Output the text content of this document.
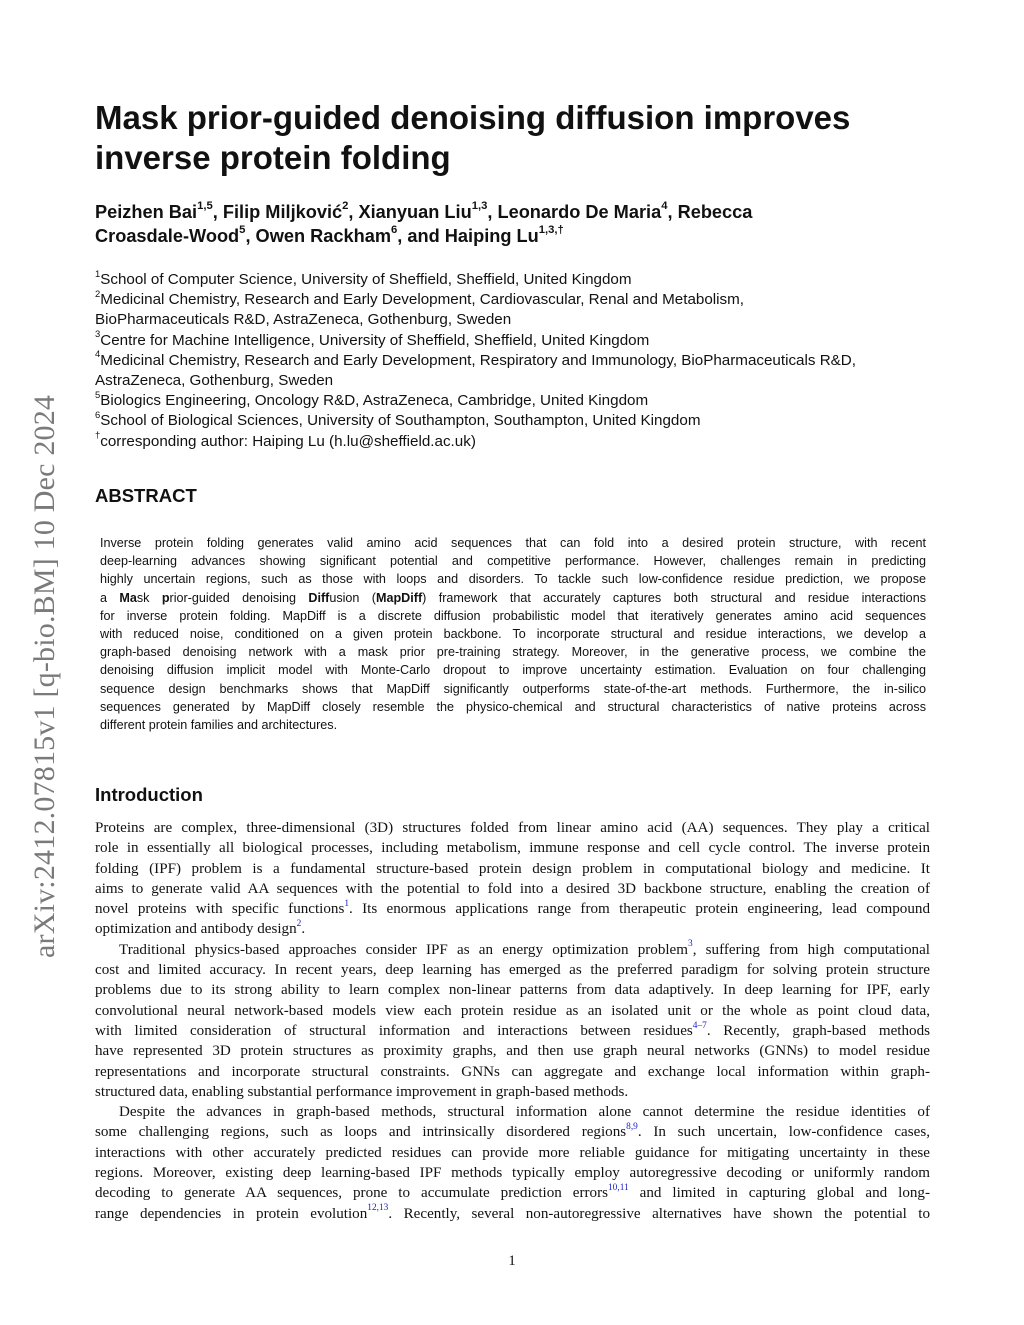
arXiv:2412.07815v1 [q-bio.BM] 10 Dec 2024
Mask prior-guided denoising diffusion improves
inverse protein folding
Peizhen Bai$^{1,5}$, Filip Miljković$^2$, Xianyuan Liu$^{1,3}$, Leonardo De Maria$^4$, Rebecca
Croasdale-Wood$^5$, Owen Rackham$^6$, and Haiping $Lu^{1,3,\dagger}$
$^1$School of Computer Science, University of Sheffield, Sheffield, United Kingdom
$^2$Medicinal Chemistry, Research and Early Development, Cardiovascular, Renal and Metabolism,
BioPharmaceuticals R&D, AstraZeneca, Gothenburg, Sweden
$^3$Centre for Machine Intelligence, University of Sheffield, Sheffield, United Kingdom
$^4$Medicinal Chemistry, Research and Early Development, Respiratory and Immunology, BioPharmaceuticals R&D,
AstraZeneca, Gothenburg, Sweden
$^5$Biologics Engineering, Oncology R&D, AstraZeneca, Cambridge, United Kingdom
$^6$School of Biological Sciences, University of Southampton, Southampton, United Kingdom
†corresponding author: Haiping Lu (h.lu@sheffield.ac.uk)
ABSTRACT
Inverse protein folding generates valid amino acid sequences that can fold into a desired protein structure, with recent
deep-learning advances showing significant potential and competitive performance. However, challenges remain in predicting
highly uncertain regions, such as those with loops and disorders. To tackle such low-confidence residue prediction, we propose
a Mask prior-guided denoising Diffusion (MapDiff) framework that accurately captures both structural and residue interactions
for inverse protein folding. MapDiff is a discrete diffusion probabilistic model that iteratively generates amino acid sequences
with reduced noise, conditioned on a given protein backbone. To incorporate structural and residue interactions, we develop a
graph-based denoising network with a mask prior pre-training strategy. Moreover, in the generative process, we combine the
denoising diffusion implicit model with Monte-Carlo dropout to improve uncertainty estimation. Evaluation on four challenging
sequence design benchmarks shows that MapDiff significantly outperforms state-of-the-art methods. Furthermore, the in-silico
sequences generated by MapDiff closely resemble the physico-chemical and structural characteristics of native proteins across
different protein families and architectures.
Introduction
Proteins are complex, three-dimensional (3D) structures folded from linear amino acid (AA) sequences. They play a critical
role in essentially all biological processes, including metabolism, immune response and cell cycle control. The inverse protein
folding (IPF) problem is a fundamental structure-based protein design problem in computational biology and medicine. It
aims to generate valid AA sequences with the potential to fold into a desired 3D backbone structure, enabling the creation of
novel proteins with specific functions$^1$. Its enormous applications range from therapeutic protein engineering, lead compound
optimization and antibody design$^2$.
Traditional physics-based approaches consider IPF as an energy optimization problem$^3$, suffering from high computational
cost and limited accuracy. In recent years, deep learning has emerged as the preferred paradigm for solving protein structure
problems due to its strong ability to learn complex non-linear patterns from data adaptively. In deep learning for IPF, early
convolutional neural network-based models view each protein residue as an isolated unit or the whole as point cloud data,
with limited consideration of structural information and interactions between residues$^{4-7}$. Recently, graph-based methods
have represented 3D protein structures as proximity graphs, and then use graph neural networks (GNNs) to model residue
representations and incorporate structural constraints. GNNs can aggregate and exchange local information within graph-
structured data, enabling substantial performance improvement in graph-based methods.
Despite the advances in graph-based methods, structural information alone cannot determine the residue identities of
some challenging regions, such as loops and intrinsically disordered regions$^{8,9}$. In such uncertain, low-confidence cases,
interactions with other accurately predicted residues can provide more reliable guidance for mitigating uncertainty in these
regions. Moreover, existing deep learning-based IPF methods typically employ autoregressive decoding or uniformly random
decoding to generate AA sequences, prone to accumulate prediction errors$^{10,11}$ and limited in capturing global and long-
range dependencies in protein evolution$^{12,13}$. Recently, several non-autoregressive alternatives have shown the potential to
1
